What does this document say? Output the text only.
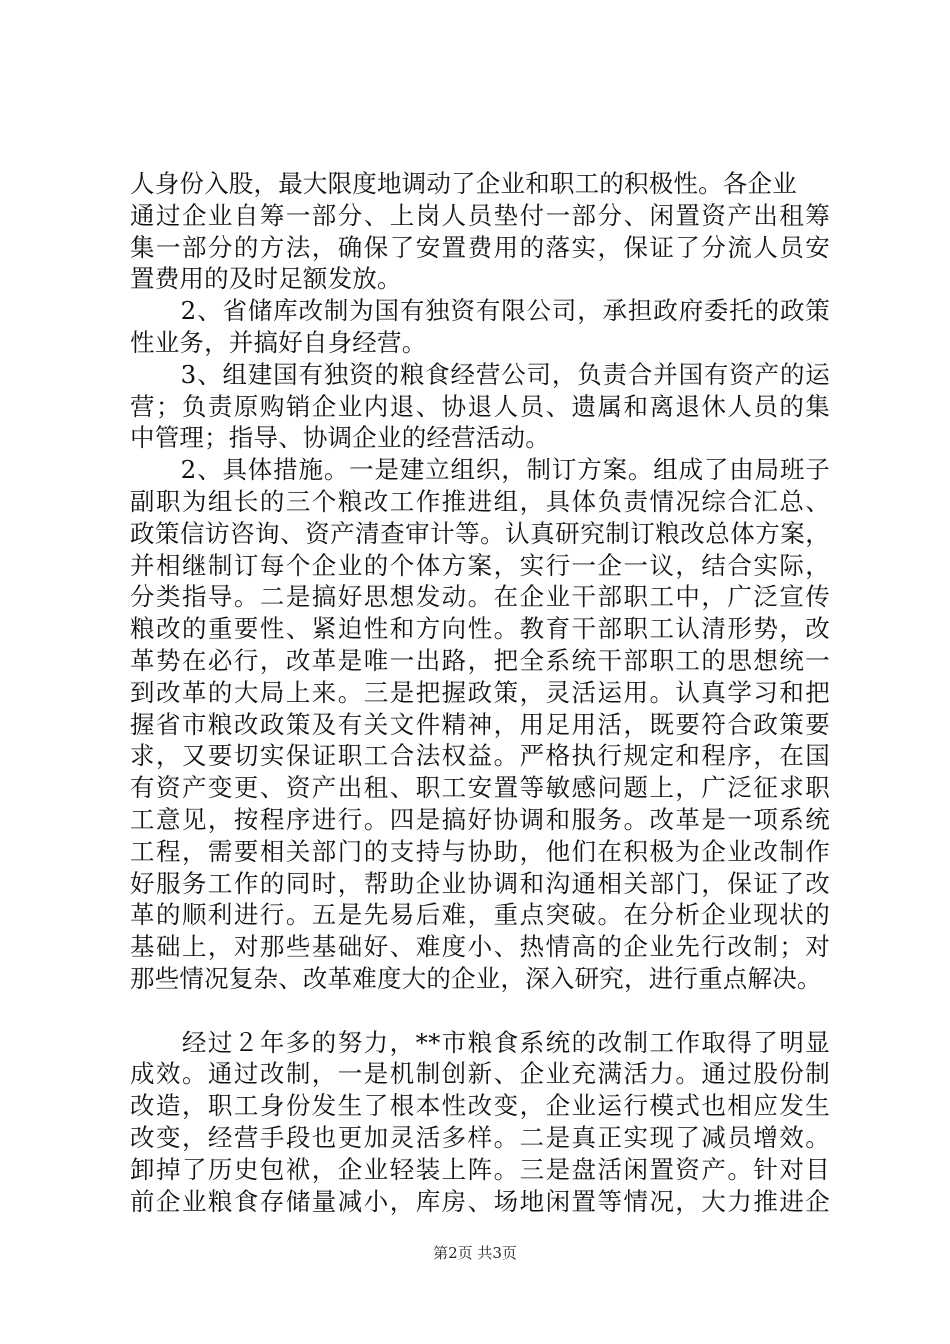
人身份入股，最大限度地调动了企业和职工的积极性。各企业
通过企业自筹一部分、上岗人员垫付一部分、闲置资产出租筹
集一部分的方法，确保了安置费用的落实，保证了分流人员安
置费用的及时足额发放。
　　2、省储库改制为国有独资有限公司，承担政府委托的政策
性业务，并搞好自身经营。
　　3、组建国有独资的粮食经营公司，负责合并国有资产的运
营；负责原购销企业内退、协退人员、遗属和离退休人员的集
中管理；指导、协调企业的经营活动。
　　2、具体措施。一是建立组织，制订方案。组成了由局班子
副职为组长的三个粮改工作推进组，具体负责情况综合汇总、
政策信访咨询、资产清查审计等。认真研究制订粮改总体方案，
并相继制订每个企业的个体方案，实行一企一议，结合实际，
分类指导。二是搞好思想发动。在企业干部职工中，广泛宣传
粮改的重要性、紧迫性和方向性。教育干部职工认清形势，改
革势在必行，改革是唯一出路，把全系统干部职工的思想统一
到改革的大局上来。三是把握政策，灵活运用。认真学习和把
握省市粮改政策及有关文件精神，用足用活，既要符合政策要
求，又要切实保证职工合法权益。严格执行规定和程序，在国
有资产变更、资产出租、职工安置等敏感问题上，广泛征求职
工意见，按程序进行。四是搞好协调和服务。改革是一项系统
工程，需要相关部门的支持与协助，他们在积极为企业改制作
好服务工作的同时，帮助企业协调和沟通相关部门，保证了改
革的顺利进行。五是先易后难，重点突破。在分析企业现状的
基础上，对那些基础好、难度小、热情高的企业先行改制；对
那些情况复杂、改革难度大的企业，深入研究，进行重点解决。
　　经过２年多的努力，**市粮食系统的改制工作取得了明显
成效。通过改制，一是机制创新、企业充满活力。通过股份制
改造，职工身份发生了根本性改变，企业运行模式也相应发生
改变，经营手段也更加灵活多样。二是真正实现了减员增效。
卸掉了历史包袱，企业轻装上阵。三是盘活闲置资产。针对目
前企业粮食存储量减小，库房、场地闲置等情况，大力推进企
第2页 共3页
